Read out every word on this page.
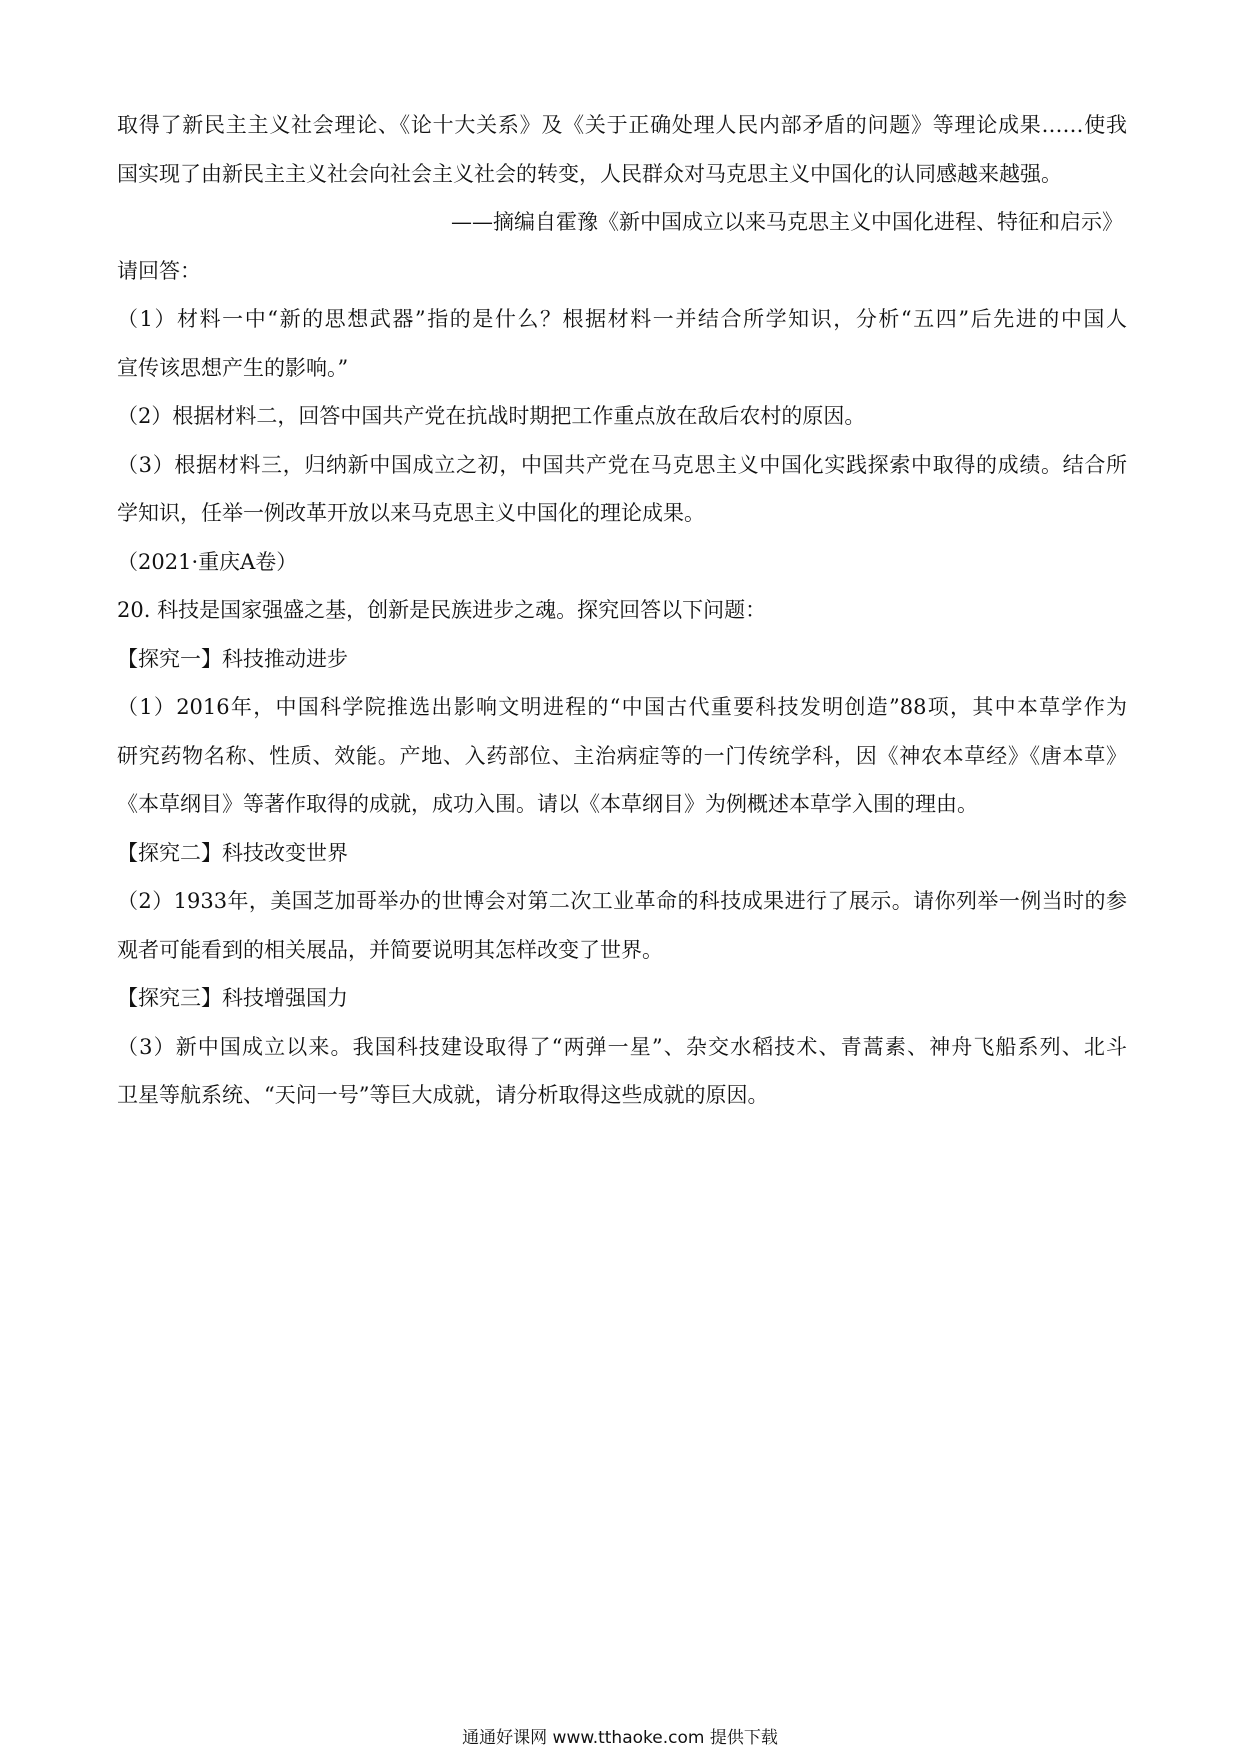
取得了新民主主义社会理论、《论十大关系》及《关于正确处理人民内部矛盾的问题》等理论成果……使我
国实现了由新民主主义社会向社会主义社会的转变，人民群众对马克思主义中国化的认同感越来越强。
——摘编自霍豫《新中国成立以来马克思主义中国化进程、特征和启示》
请回答：
（1）材料一中“新的思想武器”指的是什么？根据材料一并结合所学知识，分析“五四”后先进的中国人
宣传该思想产生的影响。”
（2）根据材料二，回答中国共产党在抗战时期把工作重点放在敌后农村的原因。
（3）根据材料三，归纳新中国成立之初，中国共产党在马克思主义中国化实践探索中取得的成绩。结合所
学知识，任举一例改革开放以来马克思主义中国化的理论成果。
（2021·重庆A卷）
20. 科技是国家强盛之基，创新是民族进步之魂。探究回答以下问题：
【探究一】科技推动进步
（1）2016年，中国科学院推选出影响文明进程的“中国古代重要科技发明创造”88项，其中本草学作为
研究药物名称、性质、效能。产地、入药部位、主治病症等的一门传统学科，因《神农本草经》《唐本草》
《本草纲目》等著作取得的成就，成功入围。请以《本草纲目》为例概述本草学入围的理由。
【探究二】科技改变世界
（2）1933年，美国芝加哥举办的世博会对第二次工业革命的科技成果进行了展示。请你列举一例当时的参
观者可能看到的相关展品，并简要说明其怎样改变了世界。
【探究三】科技增强国力
（3）新中国成立以来。我国科技建设取得了“两弹一星”、杂交水稻技术、青蒿素、神舟飞船系列、北斗
卫星等航系统、“天问一号”等巨大成就，请分析取得这些成就的原因。
通通好课网 www.tthaoke.com 提供下载
